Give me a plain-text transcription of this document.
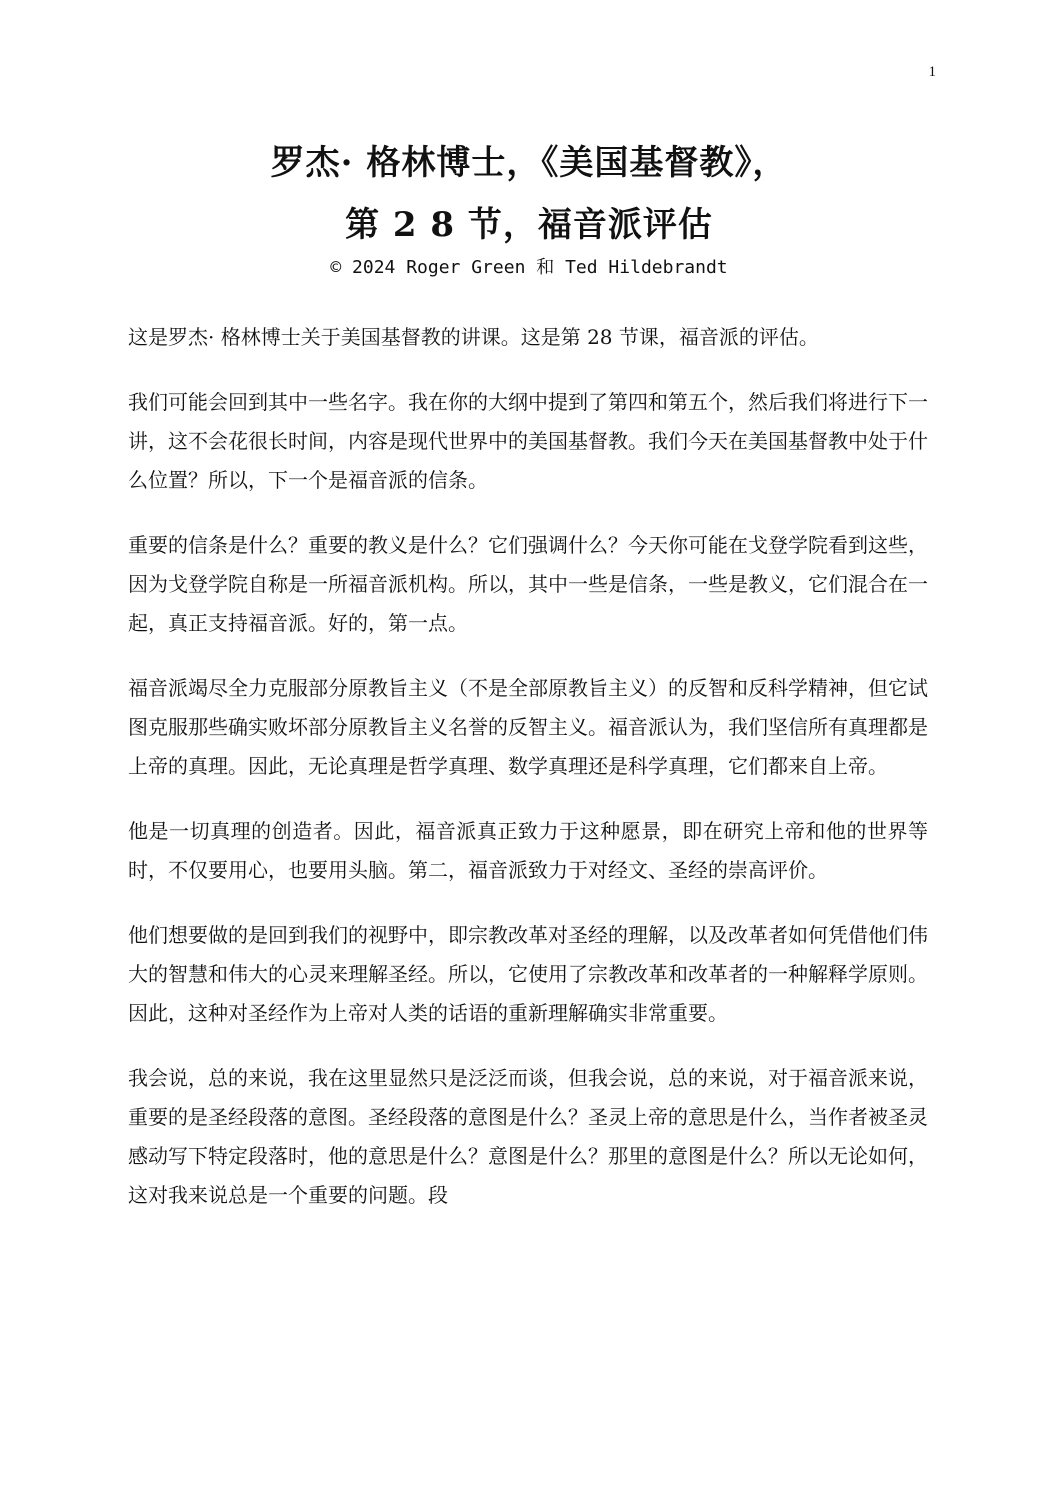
1
罗杰· 格林博士，《美国基督教》，
第 2 8 节，福音派评估
© 2024 Roger Green 和 Ted Hildebrandt

这是罗杰· 格林博士关于美国基督教的讲课。这是第 28 节课，福音派的评估。

我们可能会回到其中一些名字。我在你的大纲中提到了第四和第五个，然后我们将进行下一讲，这不会花很长时间，内容是现代世界中的美国基督教。我们今天在美国基督教中处于什么位置？所以，下一个是福音派的信条。

重要的信条是什么？重要的教义是什么？它们强调什么？今天你可能在戈登学院看到这些，因为戈登学院自称是一所福音派机构。所以，其中一些是信条，一些是教义，它们混合在一起，真正支持福音派。好的，第一点。

福音派竭尽全力克服部分原教旨主义（不是全部原教旨主义）的反智和反科学精神，但它试图克服那些确实败坏部分原教旨主义名誉的反智主义。福音派认为，我们坚信所有真理都是上帝的真理。因此，无论真理是哲学真理、数学真理还是科学真理，它们都来自上帝。

他是一切真理的创造者。因此，福音派真正致力于这种愿景，即在研究上帝和他的世界等时，不仅要用心，也要用头脑。第二，福音派致力于对经文、圣经的崇高评价。

他们想要做的是回到我们的视野中，即宗教改革对圣经的理解，以及改革者如何凭借他们伟大的智慧和伟大的心灵来理解圣经。所以，它使用了宗教改革和改革者的一种解释学原则。因此，这种对圣经作为上帝对人类的话语的重新理解确实非常重要。

我会说，总的来说，我在这里显然只是泛泛而谈，但我会说，总的来说，对于福音派来说，重要的是圣经段落的意图。圣经段落的意图是什么？圣灵上帝的意思是什么，当作者被圣灵感动写下特定段落时，他的意思是什么？意图是什么？那里的意图是什么？所以无论如何，这对我来说总是一个重要的问题。段
